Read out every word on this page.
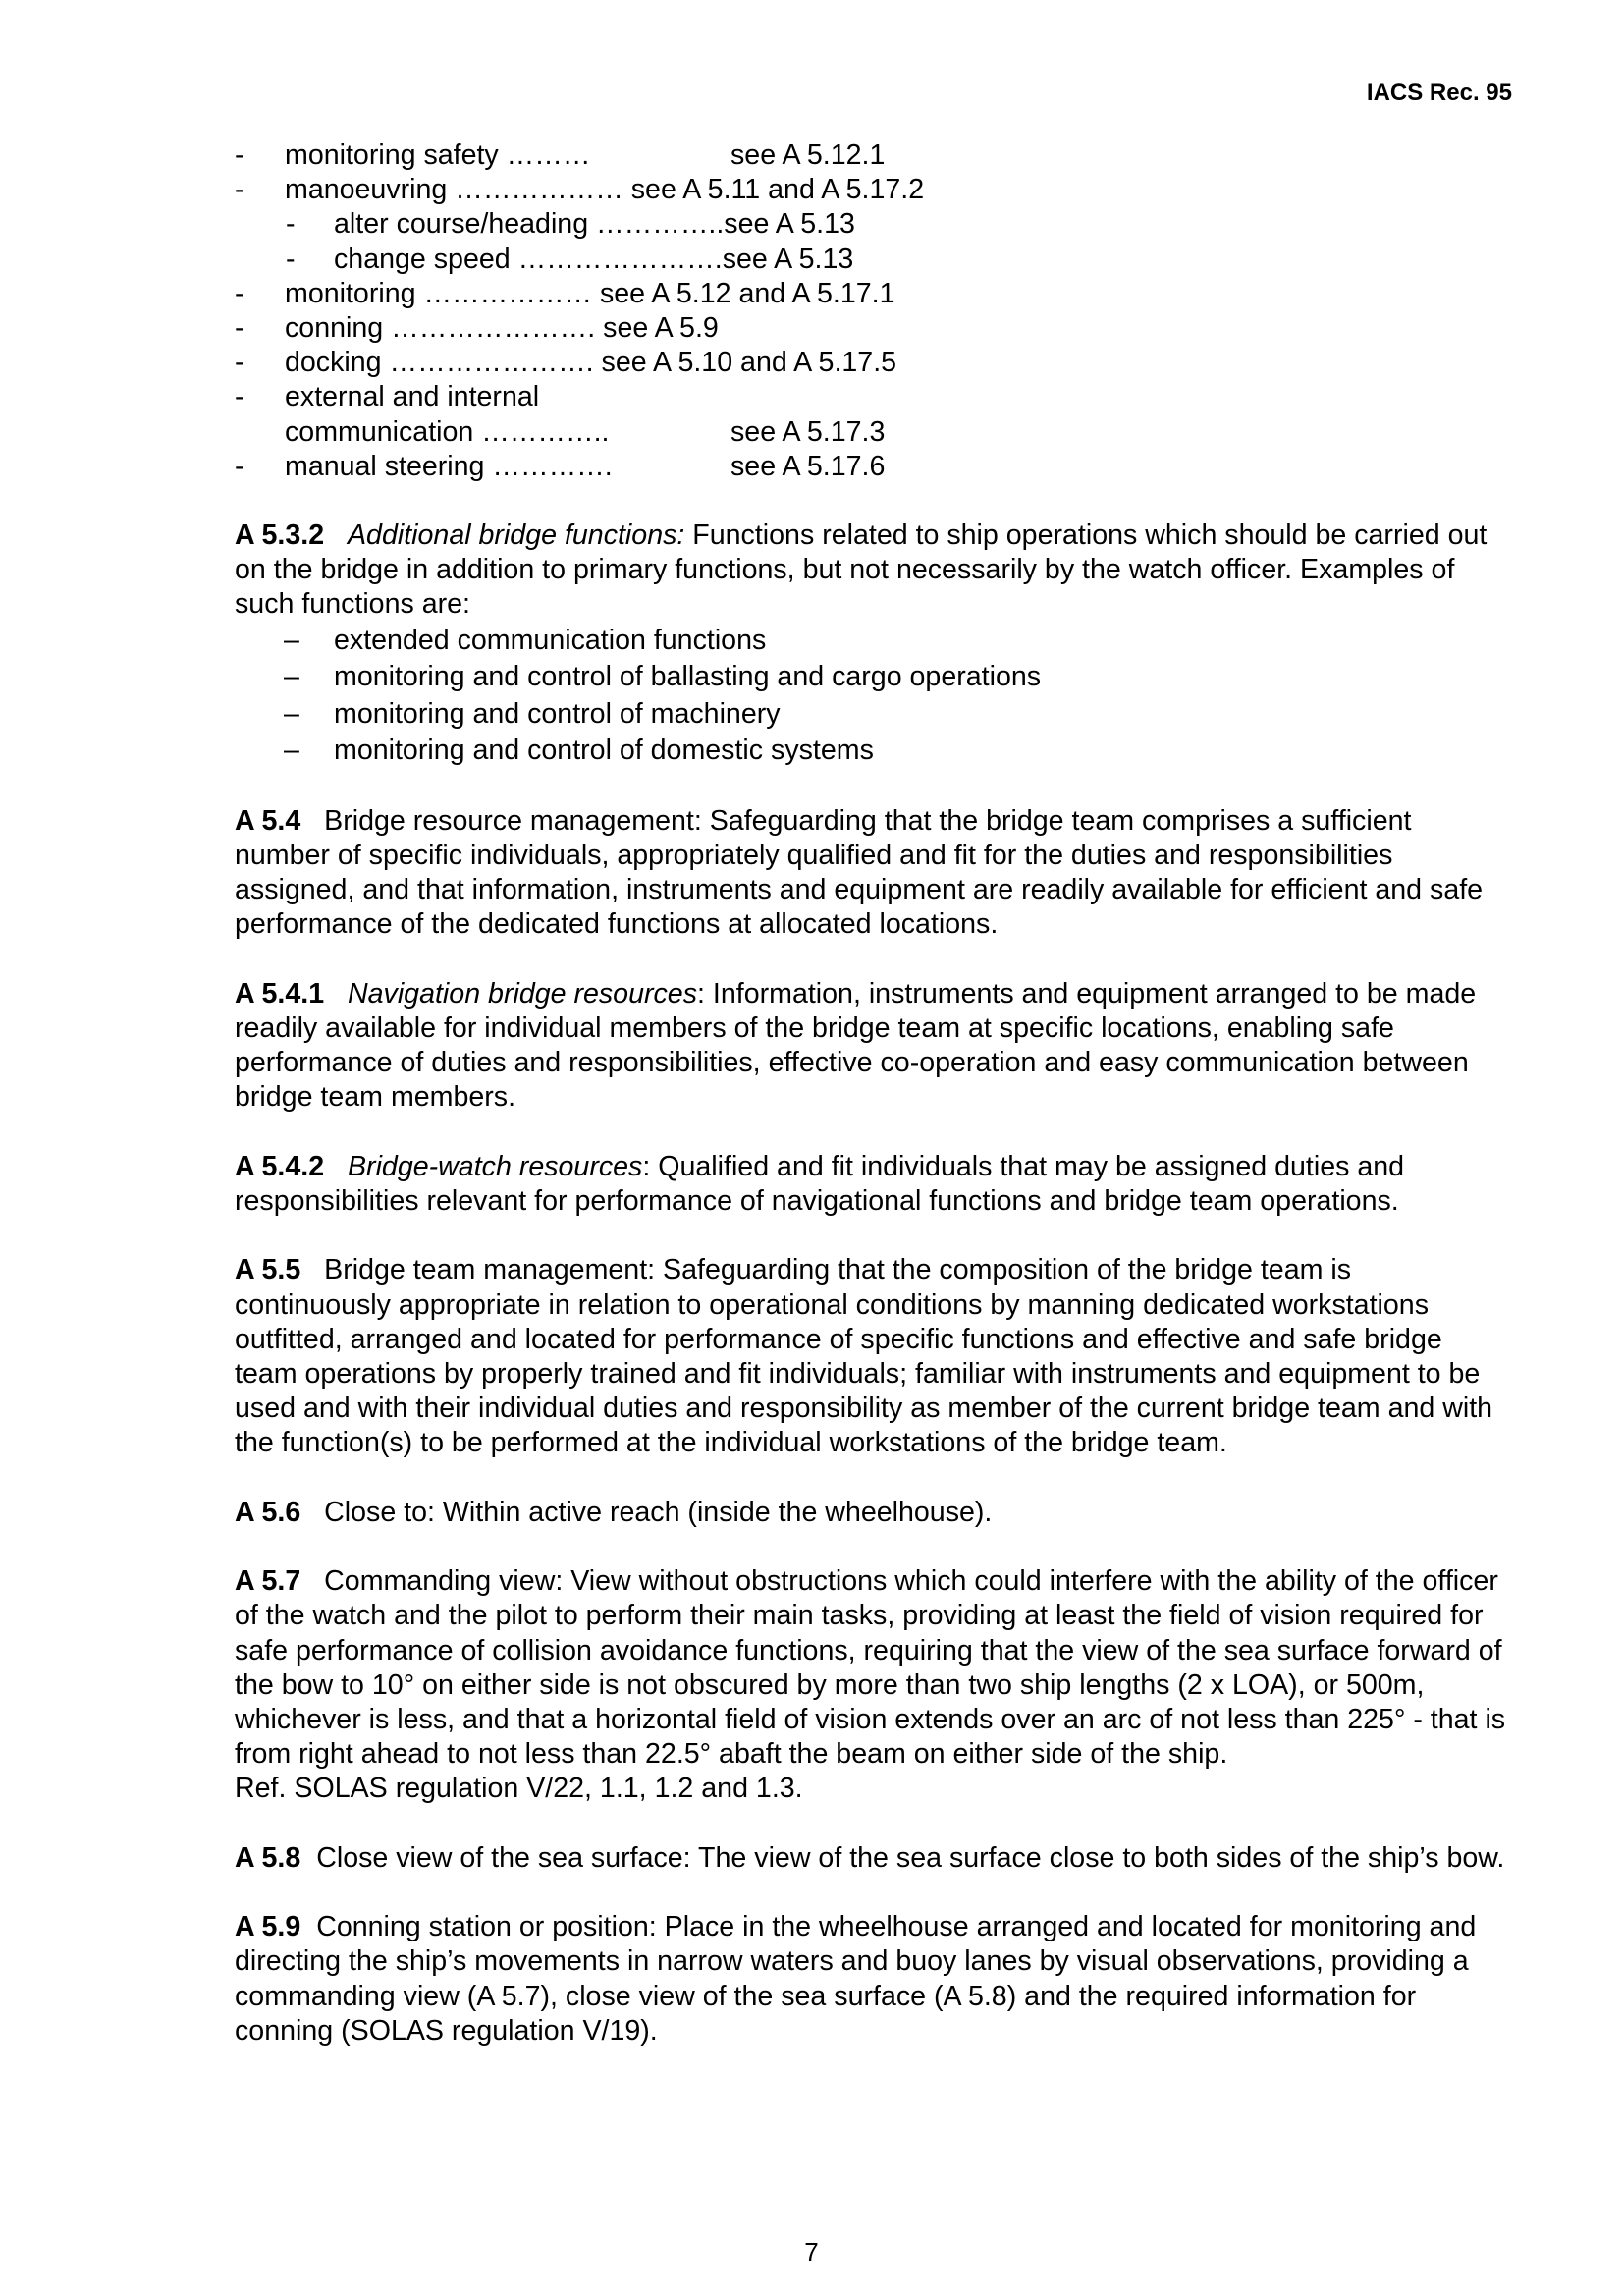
IACS Rec. 95
- monitoring safety ………	see A 5.12.1
- manoeuvring ……………… see A 5.11 and A 5.17.2
- alter course/heading …………..see A 5.13
- change speed ………………….see A 5.13
- monitoring ……………… see A 5.12 and A 5.17.1
- conning …………………. see A 5.9
- docking …………………. see A 5.10 and A 5.17.5
- external and internal
communication …………..	see A 5.17.3
- manual steering ………….	see A 5.17.6

A 5.3.2 Additional bridge functions: Functions related to ship operations which should be carried out on the bridge in addition to primary functions, but not necessarily by the watch officer. Examples of such functions are:

– extended communication functions
– monitoring and control of ballasting and cargo operations
– monitoring and control of machinery
– monitoring and control of domestic systems

A 5.4 Bridge resource management: Safeguarding that the bridge team comprises a sufficient number of specific individuals, appropriately qualified and fit for the duties and responsibilities assigned, and that information, instruments and equipment are readily available for efficient and safe performance of the dedicated functions at allocated locations.

A 5.4.1 Navigation bridge resources: Information, instruments and equipment arranged to be made readily available for individual members of the bridge team at specific locations, enabling safe performance of duties and responsibilities, effective co-operation and easy communication between bridge team members.

A 5.4.2 Bridge-watch resources: Qualified and fit individuals that may be assigned duties and responsibilities relevant for performance of navigational functions and bridge team operations.

A 5.5 Bridge team management: Safeguarding that the composition of the bridge team is continuously appropriate in relation to operational conditions by manning dedicated workstations outfitted, arranged and located for performance of specific functions and effective and safe bridge team operations by properly trained and fit individuals; familiar with instruments and equipment to be used and with their individual duties and responsibility as member of the current bridge team and with the function(s) to be performed at the individual workstations of the bridge team.

A 5.6 Close to: Within active reach (inside the wheelhouse).

A 5.7 Commanding view: View without obstructions which could interfere with the ability of the officer of the watch and the pilot to perform their main tasks, providing at least the field of vision required for safe performance of collision avoidance functions, requiring that the view of the sea surface forward of the bow to 10° on either side is not obscured by more than two ship lengths (2 x LOA), or 500m, whichever is less, and that a horizontal field of vision extends over an arc of not less than 225° - that is from right ahead to not less than 22.5° abaft the beam on either side of the ship.

Ref. SOLAS regulation V/22, 1.1, 1.2 and 1.3.

A 5.8 Close view of the sea surface: The view of the sea surface close to both sides of the ship’s bow.

A 5.9 Conning station or position: Place in the wheelhouse arranged and located for monitoring and directing the ship’s movements in narrow waters and buoy lanes by visual observations, providing a commanding view (A 5.7), close view of the sea surface (A 5.8) and the required information for conning (SOLAS regulation V/19).

7
